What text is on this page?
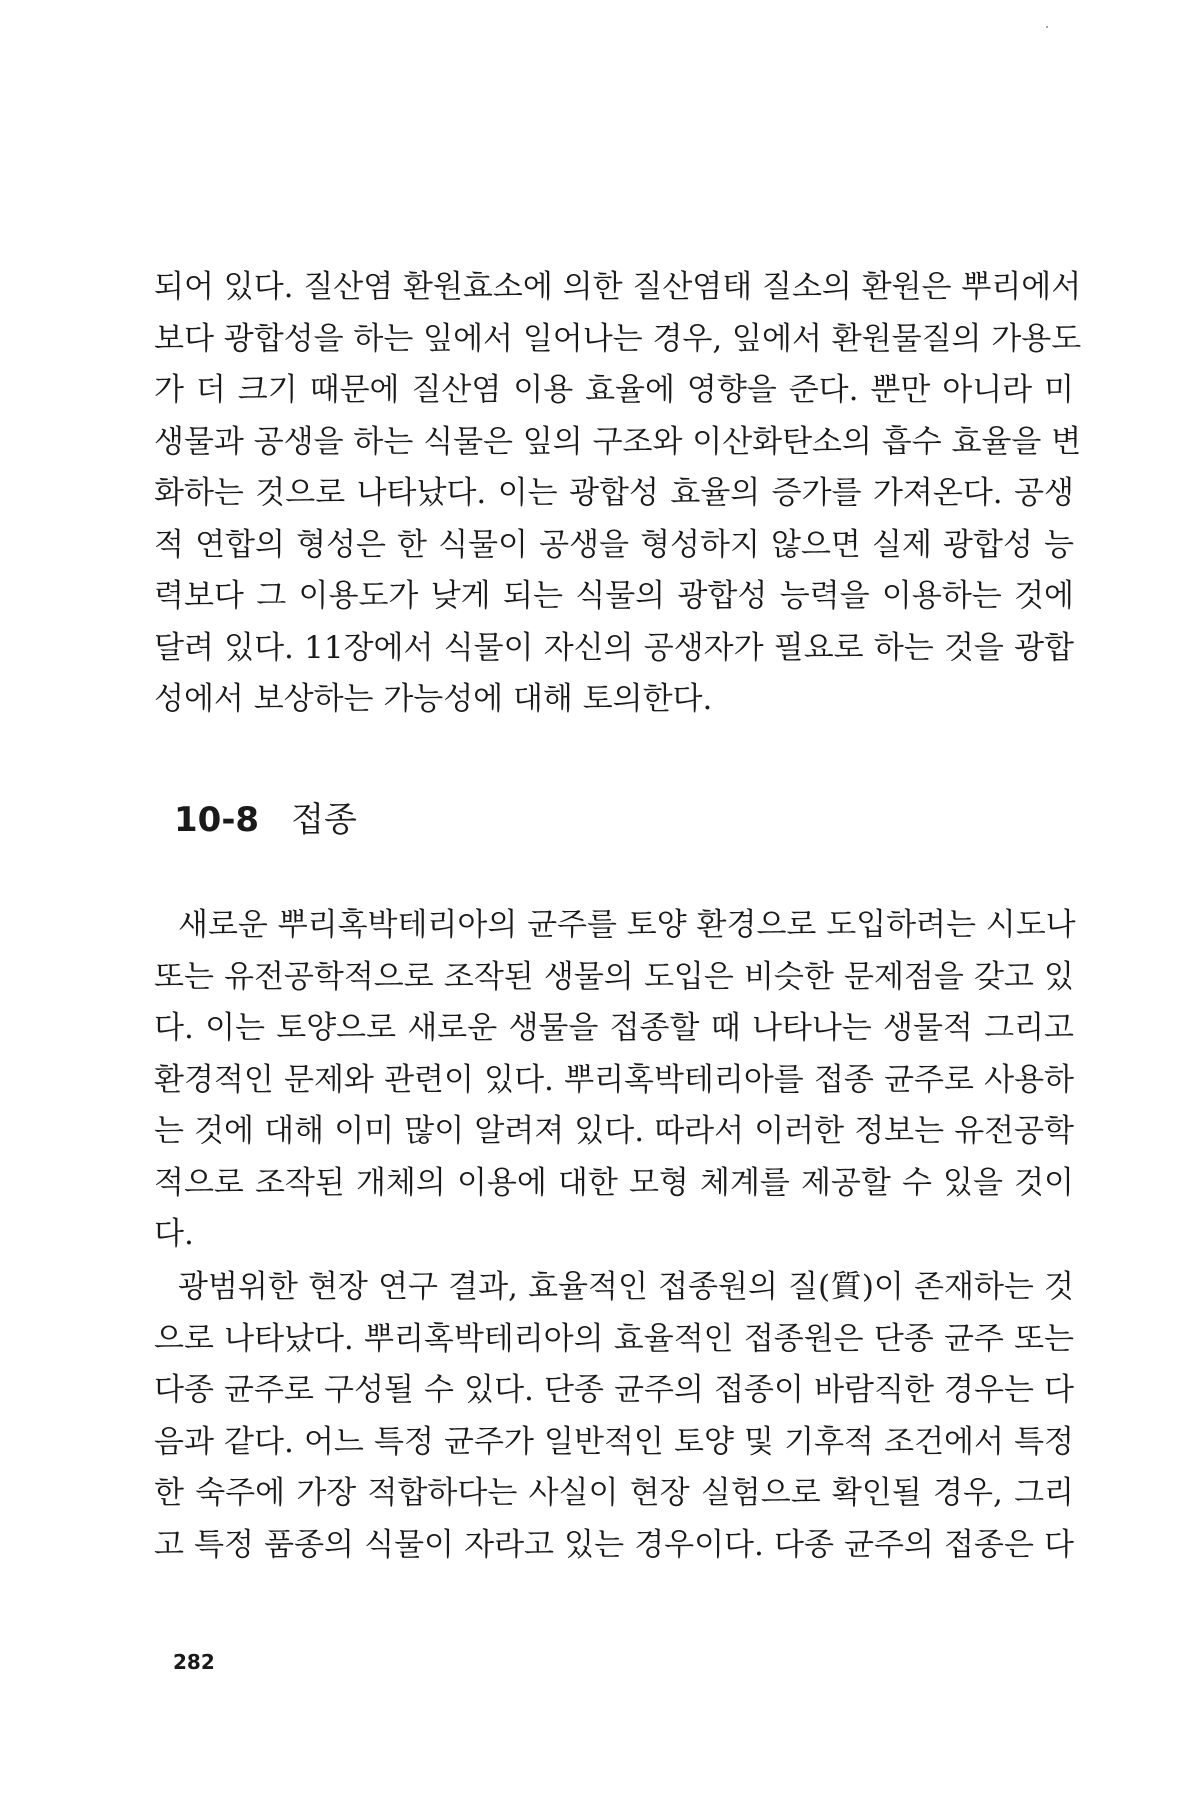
되어 있다. 질산염 환원효소에 의한 질산염태 질소의 환원은 뿌리에서
보다 광합성을 하는 잎에서 일어나는 경우, 잎에서 환원물질의 가용도
가 더 크기 때문에 질산염 이용 효율에 영향을 준다. 뿐만 아니라 미
생물과 공생을 하는 식물은 잎의 구조와 이산화탄소의 흡수 효율을 변
화하는 것으로 나타났다. 이는 광합성 효율의 증가를 가져온다. 공생
적 연합의 형성은 한 식물이 공생을 형성하지 않으면 실제 광합성 능
력보다 그 이용도가 낮게 되는 식물의 광합성 능력을 이용하는 것에
달려 있다. 11장에서 식물이 자신의 공생자가 필요로 하는 것을 광합
성에서 보상하는 가능성에 대해 토의한다.

10-8 접종

새로운 뿌리혹박테리아의 균주를 토양 환경으로 도입하려는 시도나
또는 유전공학적으로 조작된 생물의 도입은 비슷한 문제점을 갖고 있
다. 이는 토양으로 새로운 생물을 접종할 때 나타나는 생물적 그리고
환경적인 문제와 관련이 있다. 뿌리혹박테리아를 접종 균주로 사용하
는 것에 대해 이미 많이 알려져 있다. 따라서 이러한 정보는 유전공학
적으로 조작된 개체의 이용에 대한 모형 체계를 제공할 수 있을 것이
다.

광범위한 현장 연구 결과, 효율적인 접종원의 질(質)이 존재하는 것
으로 나타났다. 뿌리혹박테리아의 효율적인 접종원은 단종 균주 또는
다종 균주로 구성될 수 있다. 단종 균주의 접종이 바람직한 경우는 다
음과 같다. 어느 특정 균주가 일반적인 토양 및 기후적 조건에서 특정
한 숙주에 가장 적합하다는 사실이 현장 실험으로 확인될 경우, 그리
고 특정 품종의 식물이 자라고 있는 경우이다. 다종 균주의 접종은 다

282
